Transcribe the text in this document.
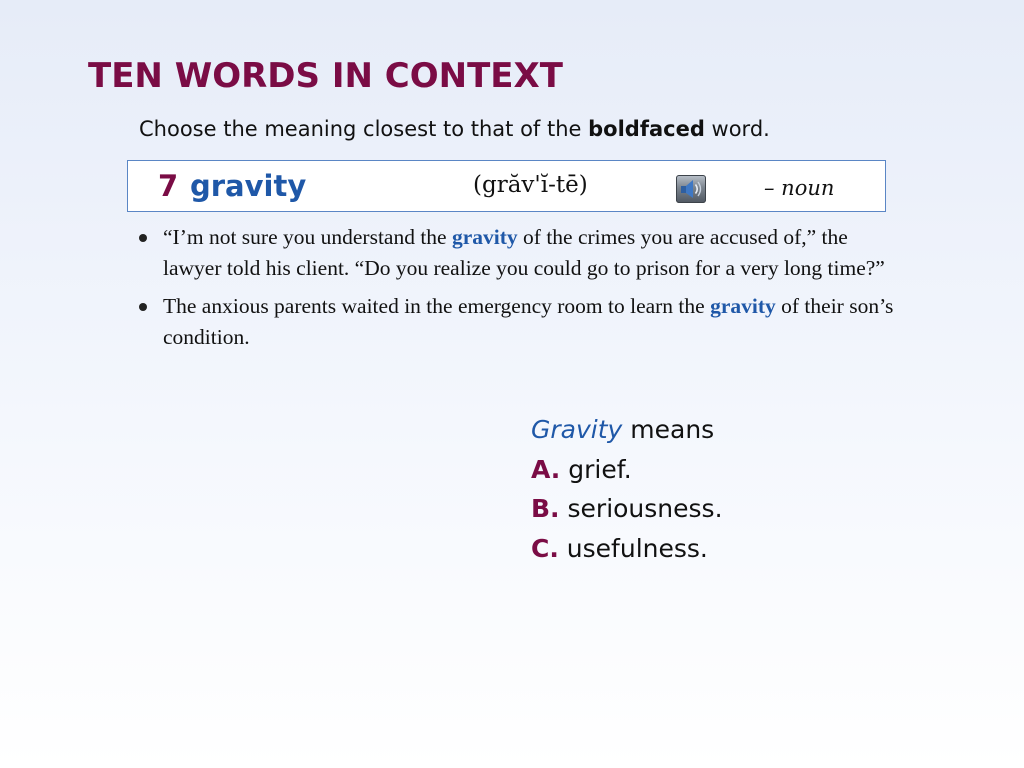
TEN WORDS IN CONTEXT
Choose the meaning closest to that of the boldfaced word.
7 gravity	(grăv'ĭ-tē)	– noun
“I’m not sure you understand the gravity of the crimes you are accused of,” the lawyer told his client. “Do you realize you could go to prison for a very long time?”
The anxious parents waited in the emergency room to learn the gravity of their son’s condition.
Gravity means
A. grief.
B. seriousness.
C. usefulness.
